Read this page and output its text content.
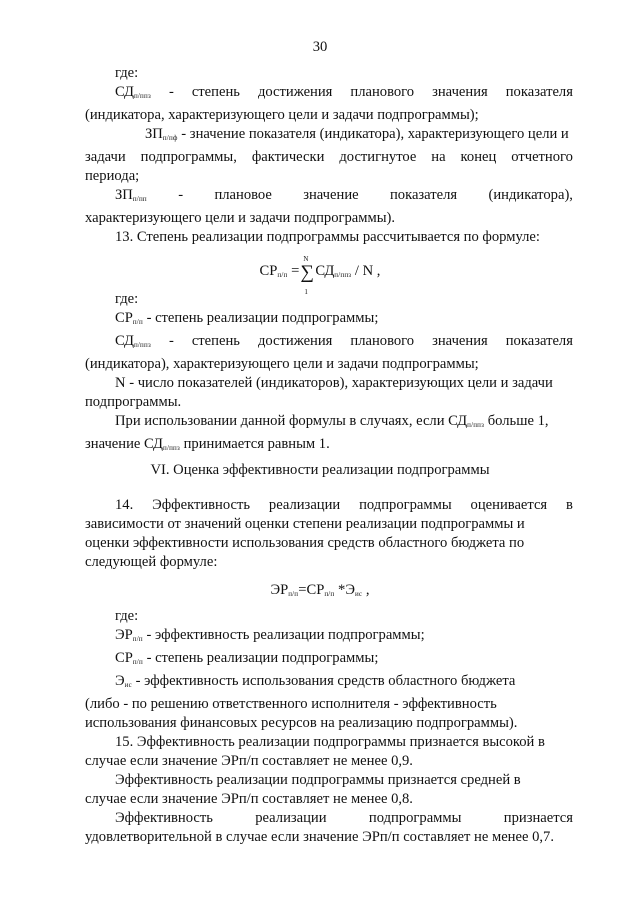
30

где:

$СД_{п/ппз}$ - степень достижения планового значения показателя

(индикатора, характеризующего цели и задачи подпрограммы);

$ЗП_{п/пф}$ - значение показателя (индикатора), характеризующего цели и

задачи подпрограммы, фактически достигнутое на конец отчетного

периода;

$ЗП_{п/пп}$ - плановое значение показателя (индикатора),

характеризующего цели и задачи подпрограммы).

13. Степень реализации подпрограммы рассчитывается по формуле:

$СР_{п/п}$ =
N
∑
1
$СД_{п/ппз}$ / N ,

где:

$СР_{п/п}$ - степень реализации подпрограммы;

$СД_{п/ппз}$ - степень достижения планового значения показателя

(индикатора), характеризующего цели и задачи подпрограммы;

N - число показателей (индикаторов), характеризующих цели и задачи

подпрограммы.

При использовании данной формулы в случаях, если $СД_{п/ппз}$ больше 1,

значение $СД_{п/ппз}$ принимается равным 1.

VI. Оценка эффективности реализации подпрограммы

14. Эффективность реализации подпрограммы оценивается в

зависимости от значений оценки степени реализации подпрограммы и

оценки эффективности использования средств областного бюджета по

следующей формуле:

$ЭР_{п/п}=СР_{п/п}$ $*Э_{ис}$ ,

где:

$ЭР_{п/п}$ - эффективность реализации подпрограммы;

$СР_{п/п}$ - степень реализации подпрограммы;

$Э_{ис}$ - эффективность использования средств областного бюджета

(либо - по решению ответственного исполнителя - эффективность

использования финансовых ресурсов на реализацию подпрограммы).

15. Эффективность реализации подпрограммы признается высокой в

случае если значение ЭРп/п составляет не менее 0,9.

Эффективность реализации подпрограммы признается средней в

случае если значение ЭРп/п составляет не менее 0,8.

Эффективность	реализации	подпрограммы	признается

удовлетворительной в случае если значение ЭРп/п составляет не менее 0,7.
